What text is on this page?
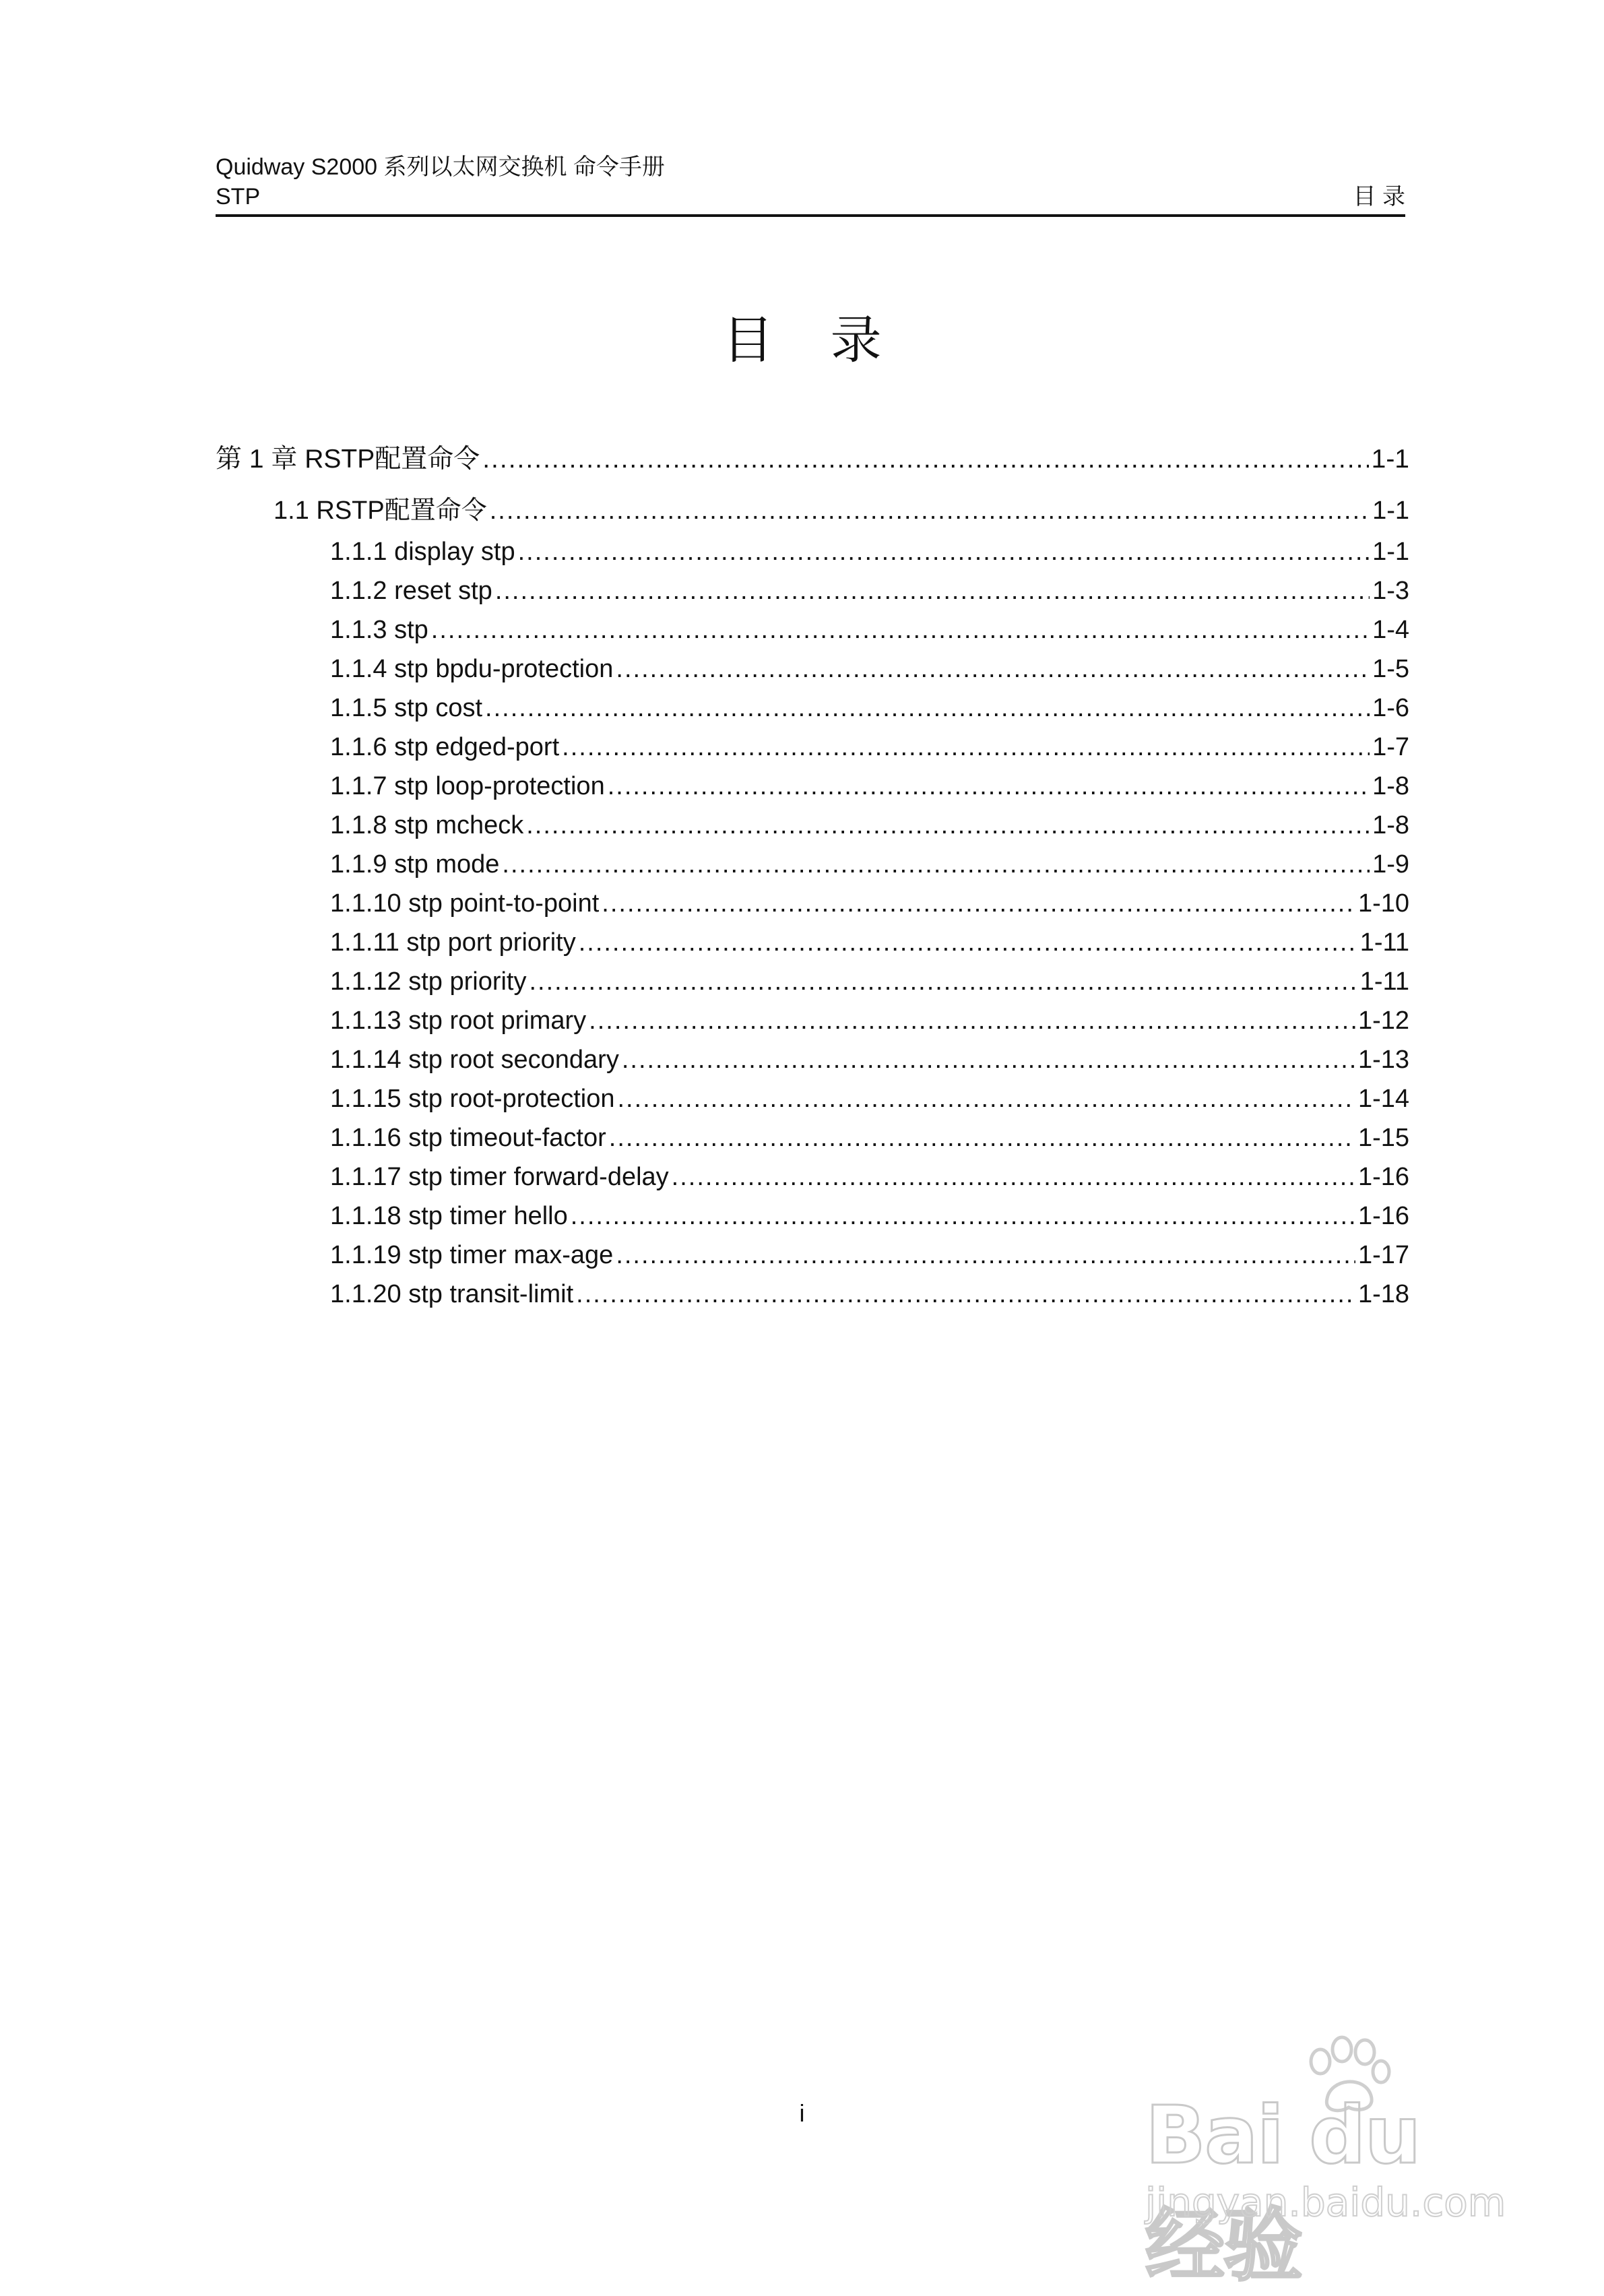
Quidway S2000 系列以太网交换机 命令手册
STP	目 录
目 录
第 1 章 RSTP配置命令 .....	1-1
1.1 RSTP配置命令 .....	1-1
1.1.1 display stp .....	1-1
1.1.2 reset stp .....	1-3
1.1.3 stp .....	1-4
1.1.4 stp bpdu-protection .....	1-5
1.1.5 stp cost .....	1-6
1.1.6 stp edged-port .....	1-7
1.1.7 stp loop-protection .....	1-8
1.1.8 stp mcheck .....	1-8
1.1.9 stp mode .....	1-9
1.1.10 stp point-to-point .....	1-10
1.1.11 stp port priority .....	1-11
1.1.12 stp priority .....	1-11
1.1.13 stp root primary .....	1-12
1.1.14 stp root secondary .....	1-13
1.1.15 stp root-protection .....	1-14
1.1.16 stp timeout-factor .....	1-15
1.1.17 stp timer forward-delay .....	1-16
1.1.18 stp timer hello .....	1-16
1.1.19 stp timer max-age .....	1-17
1.1.20 stp transit-limit .....	1-18
i	Bai du 经验
jingyan.baidu.com
